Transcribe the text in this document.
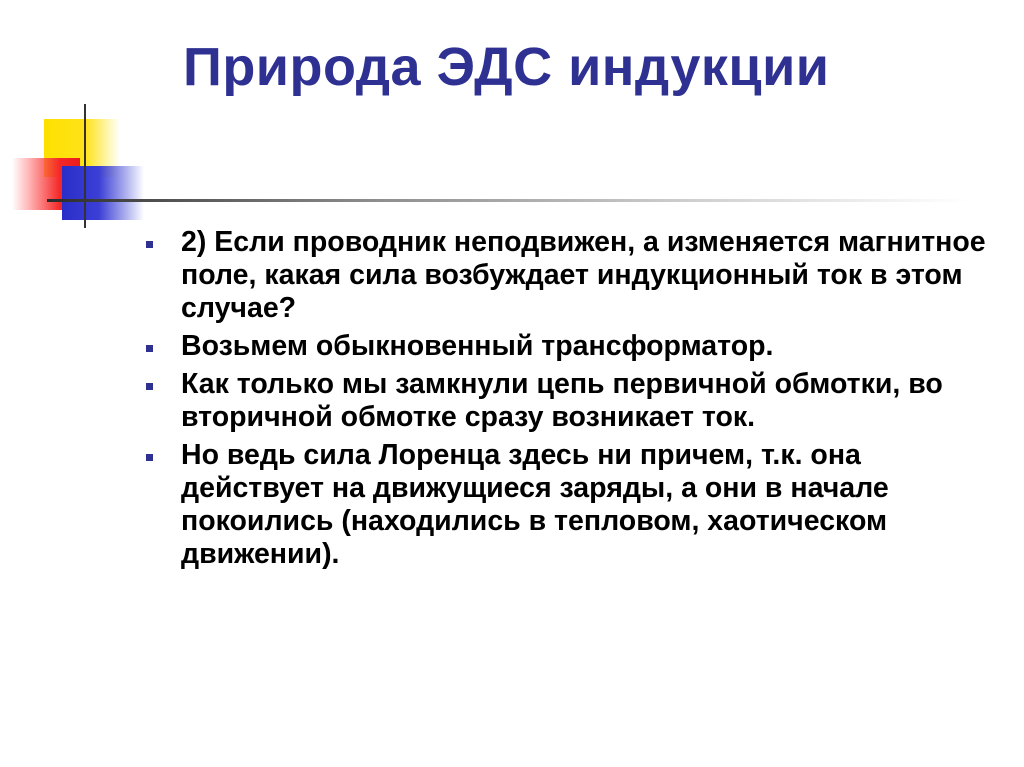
Природа ЭДС индукции
2) Если проводник неподвижен, а изменяется магнитное поле, какая сила возбуждает индукционный ток в этом случае?
Возьмем обыкновенный трансформатор.
Как только мы замкнули цепь первичной обмотки, во вторичной обмотке сразу возникает ток.
Но ведь сила Лоренца здесь ни причем, т.к. она действует на движущиеся заряды, а они в начале покоились (находились в тепловом, хаотическом движении).
